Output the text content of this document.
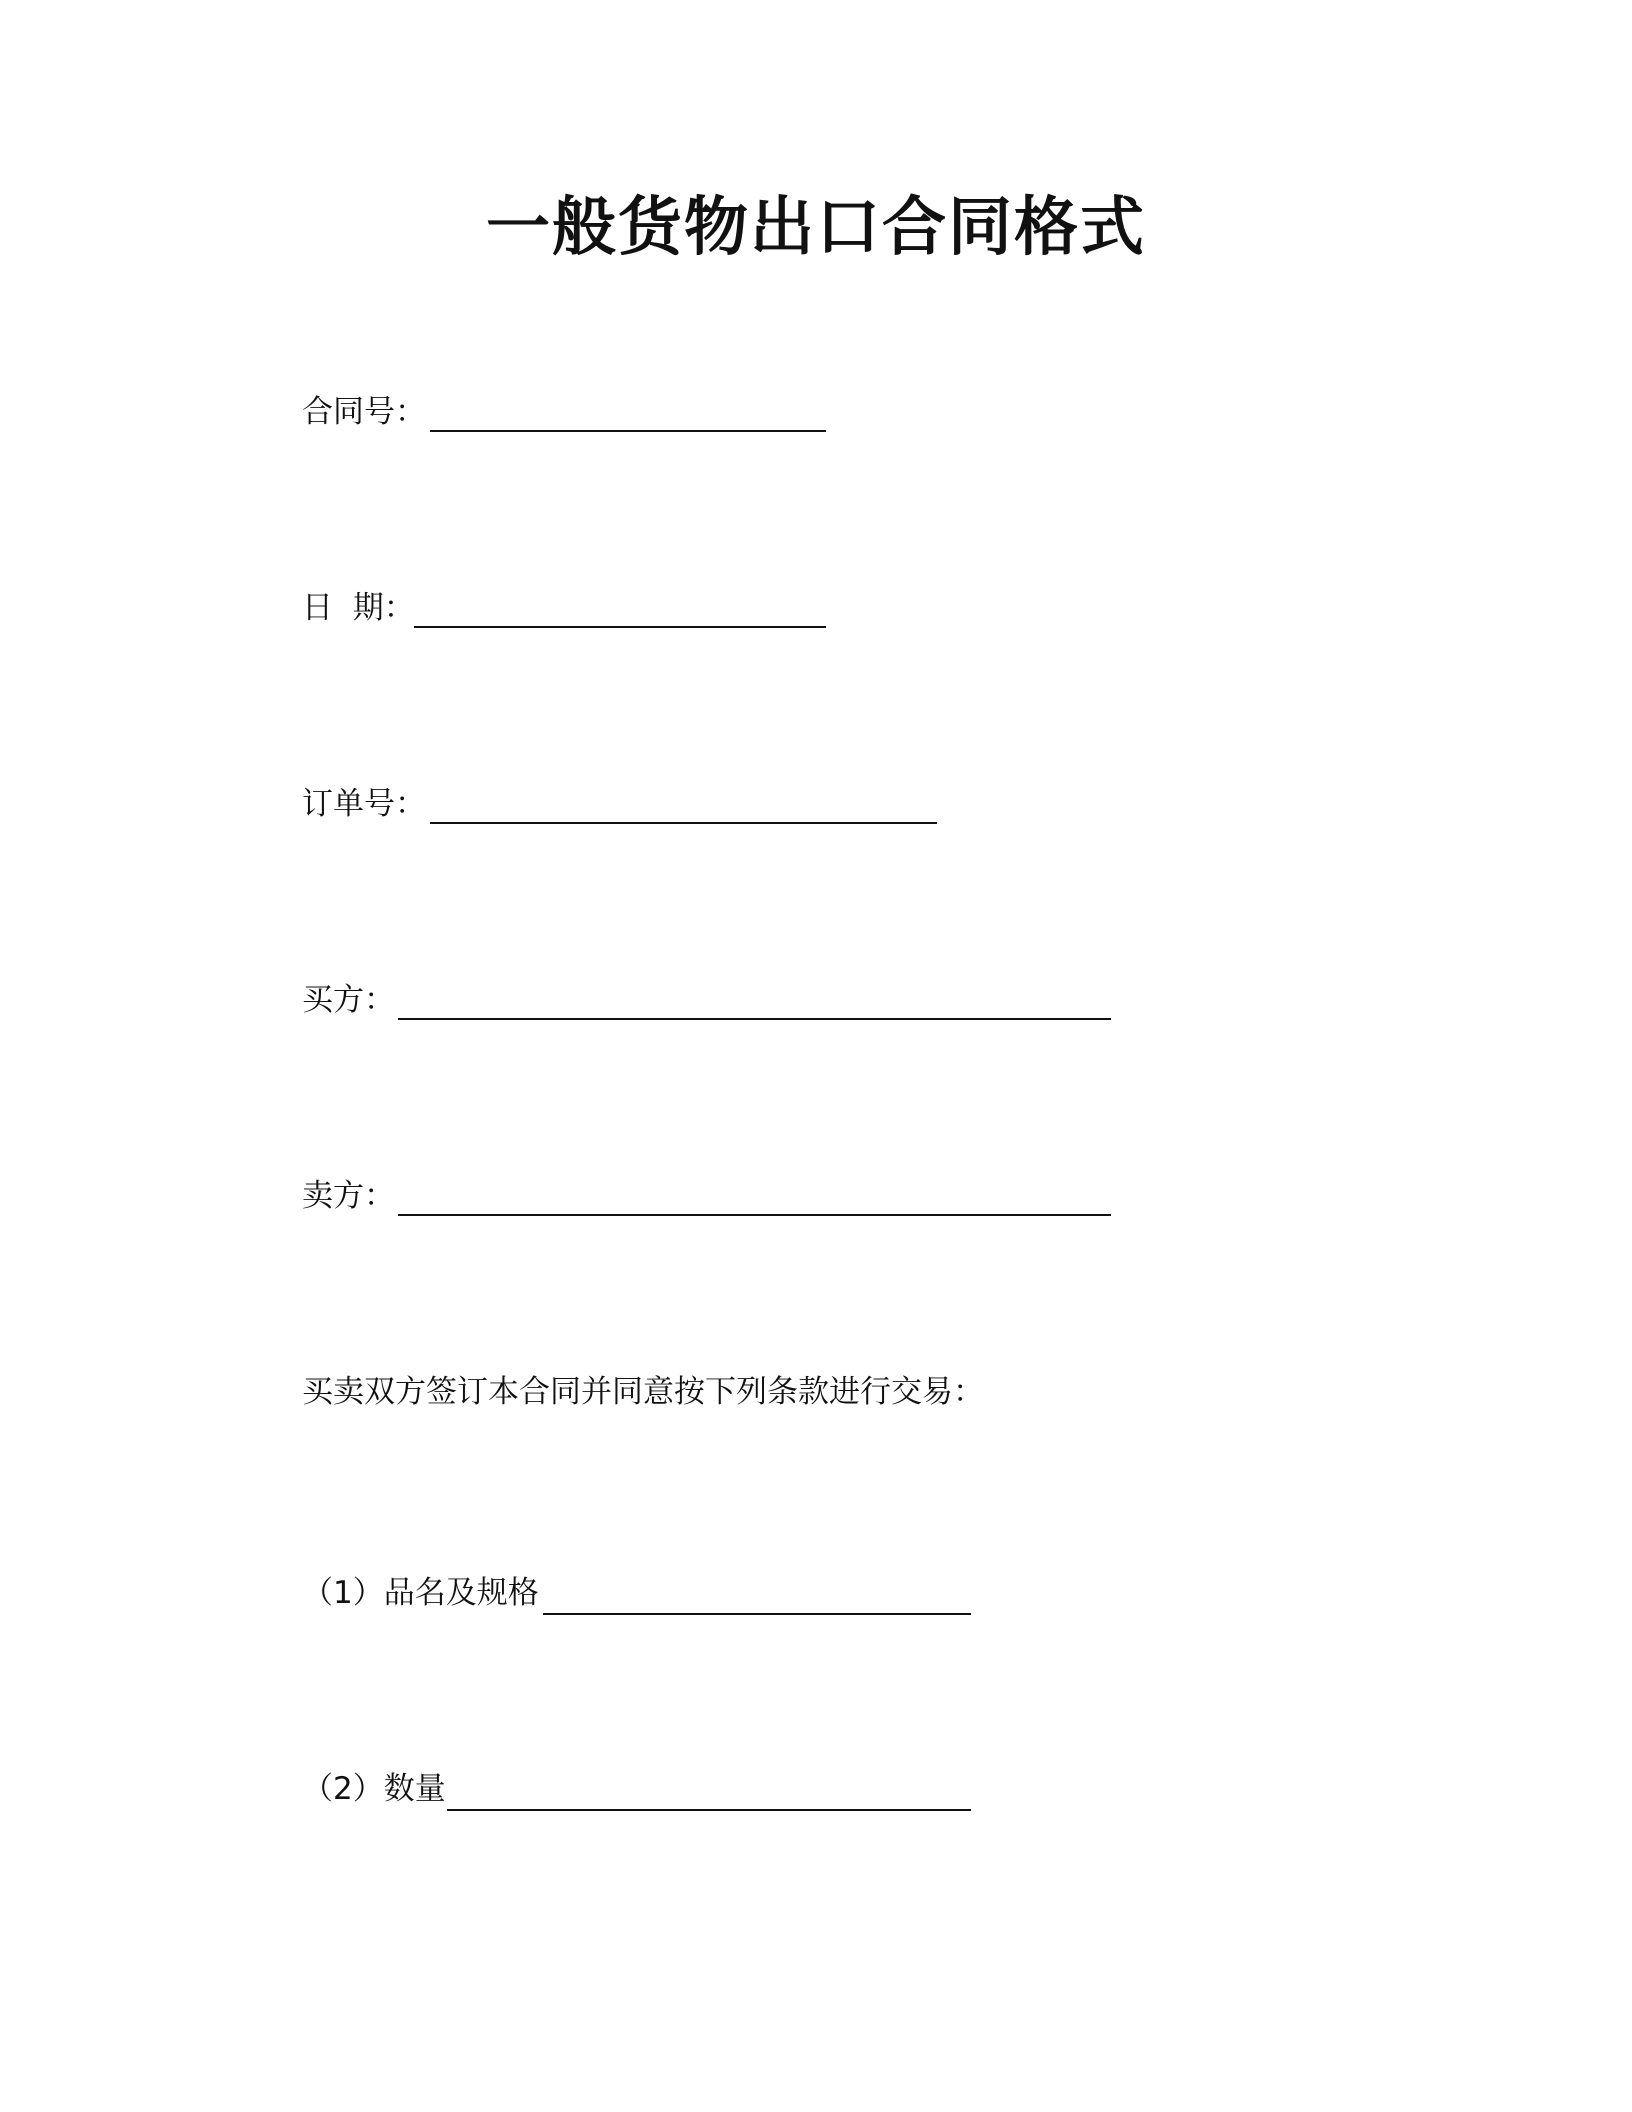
一般货物出口合同格式
合同号：
日  期：
订单号：
买方：
卖方：
买卖双方签订本合同并同意按下列条款进行交易：
（1）品名及规格
（2）数量
